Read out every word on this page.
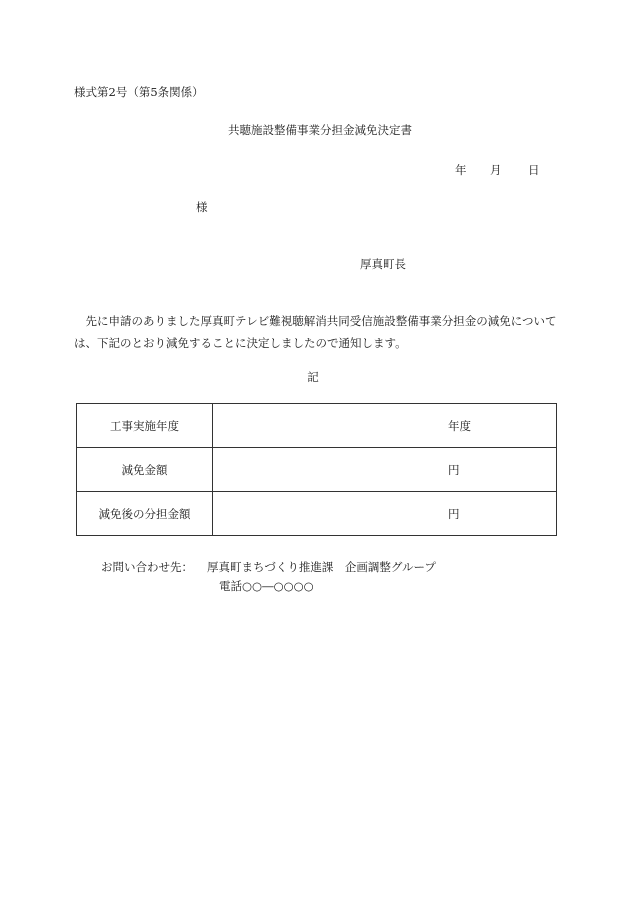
様式第2号（第5条関係）
共聴施設整備事業分担金減免決定書
年 月 日
様
厚真町長
先に申請のありました厚真町テレビ難視聴解消共同受信施設整備事業分担金の減免については、下記のとおり減免することに決定しましたので通知します。
記
工事実施年度	年度
減免金額	円
減免後の分担金額	円
お問い合わせ先： 厚真町まちづくり推進課　企画調整グループ
電話○○―○○○○
